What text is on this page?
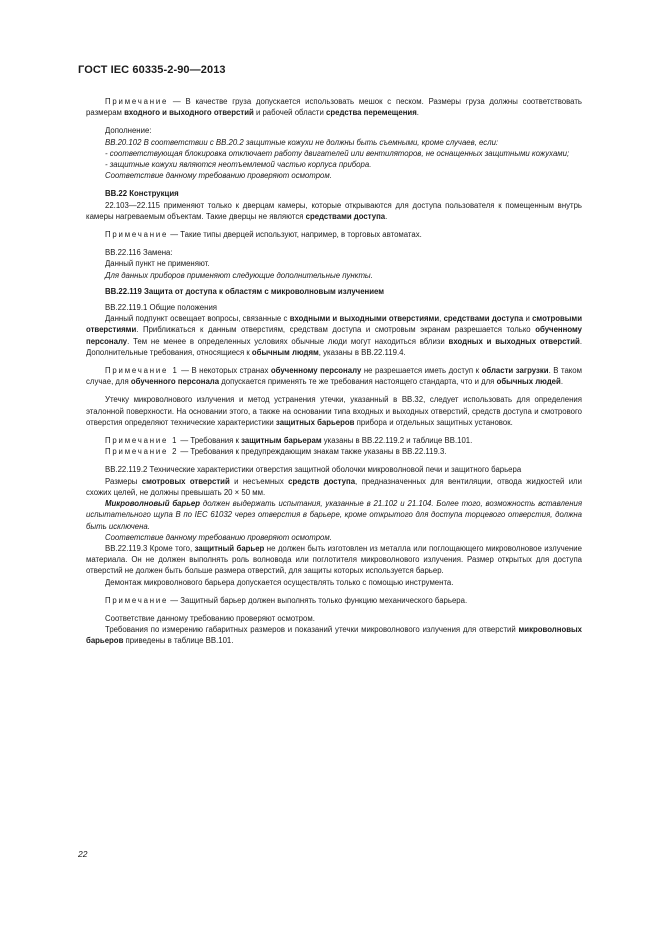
ГОСТ IEC 60335-2-90—2013

Примечание — В качестве груза допускается использовать мешок с песком. Размеры груза должны соответствовать размерам входного и выходного отверстий и рабочей области средства перемещения.

Дополнение:

ВВ.20.102 В соответствии с ВВ.20.2 защитные кожухи не должны быть съемными, кроме случаев, если:

- соответствующая блокировка отключает работу двигателей или вентиляторов, не оснащенных защитными кожухами;

- защитные кожухи являются неотъемлемой частью корпуса прибора.

Соответствие данному требованию проверяют осмотром.

ВВ.22 Конструкция

22.103—22.115 применяют только к дверцам камеры, которые открываются для доступа пользователя к помещенным внутрь камеры нагреваемым объектам. Такие дверцы не являются средствами доступа.

Примечание — Такие типы дверцей используют, например, в торговых автоматах.

ВВ.22.116 Замена:

Данный пункт не применяют.

Для данных приборов применяют следующие дополнительные пункты.

ВВ.22.119 Защита от доступа к областям с микроволновым излучением

ВВ.22.119.1 Общие положения

Данный подпункт освещает вопросы, связанные с входными и выходными отверстиями, средствами доступа и смотровыми отверстиями. Приближаться к данным отверстиям, средствам доступа и смотровым экранам разрешается только обученному персоналу. Тем не менее в определенных условиях обычные люди могут находиться вблизи входных и выходных отверстий. Дополнительные требования, относящиеся к обычным людям, указаны в ВВ.22.119.4.

Примечание 1 — В некоторых странах обученному персоналу не разрешается иметь доступ к области загрузки. В таком случае, для обученного персонала допускается применять те же требования настоящего стандарта, что и для обычных людей.

Утечку микроволнового излучения и метод устранения утечки, указанный в ВВ.32, следует использовать для определения эталонной поверхности. На основании этого, а также на основании типа входных и выходных отверстий, средств доступа и смотрового отверстия определяют технические характеристики защитных барьеров прибора и отдельных защитных установок.

Примечание 1 — Требования к защитным барьерам указаны в ВВ.22.119.2 и таблице ВВ.101.

Примечание 2 — Требования к предупреждающим знакам также указаны в ВВ.22.119.3.

ВВ.22.119.2 Технические характеристики отверстия защитной оболочки микроволновой печи и защитного барьера

Размеры смотровых отверстий и несъемных средств доступа, предназначенных для вентиляции, отвода жидкостей или схожих целей, не должны превышать 20 × 50 мм.

Микроволновый барьер должен выдержать испытания, указанные в 21.102 и 21.104. Более того, возможность вставления испытательного щупа В по IEC 61032 через отверстия в барьере, кроме открытого для доступа торцевого отверстия, должна быть исключена.

Соответствие данному требованию проверяют осмотром.

ВВ.22.119.3 Кроме того, защитный барьер не должен быть изготовлен из металла или поглощающего микроволновое излучение материала. Он не должен выполнять роль волновода или поглотителя микроволнового излучения. Размер открытых для доступа отверстий не должен быть больше размера отверстий, для защиты которых используется барьер.

Демонтаж микроволнового барьера допускается осуществлять только с помощью инструмента.

Примечание — Защитный барьер должен выполнять только функцию механического барьера.

Соответствие данному требованию проверяют осмотром.

Требования по измерению габаритных размеров и показаний утечки микроволнового излучения для отверстий микроволновых барьеров приведены в таблице ВВ.101.

22
